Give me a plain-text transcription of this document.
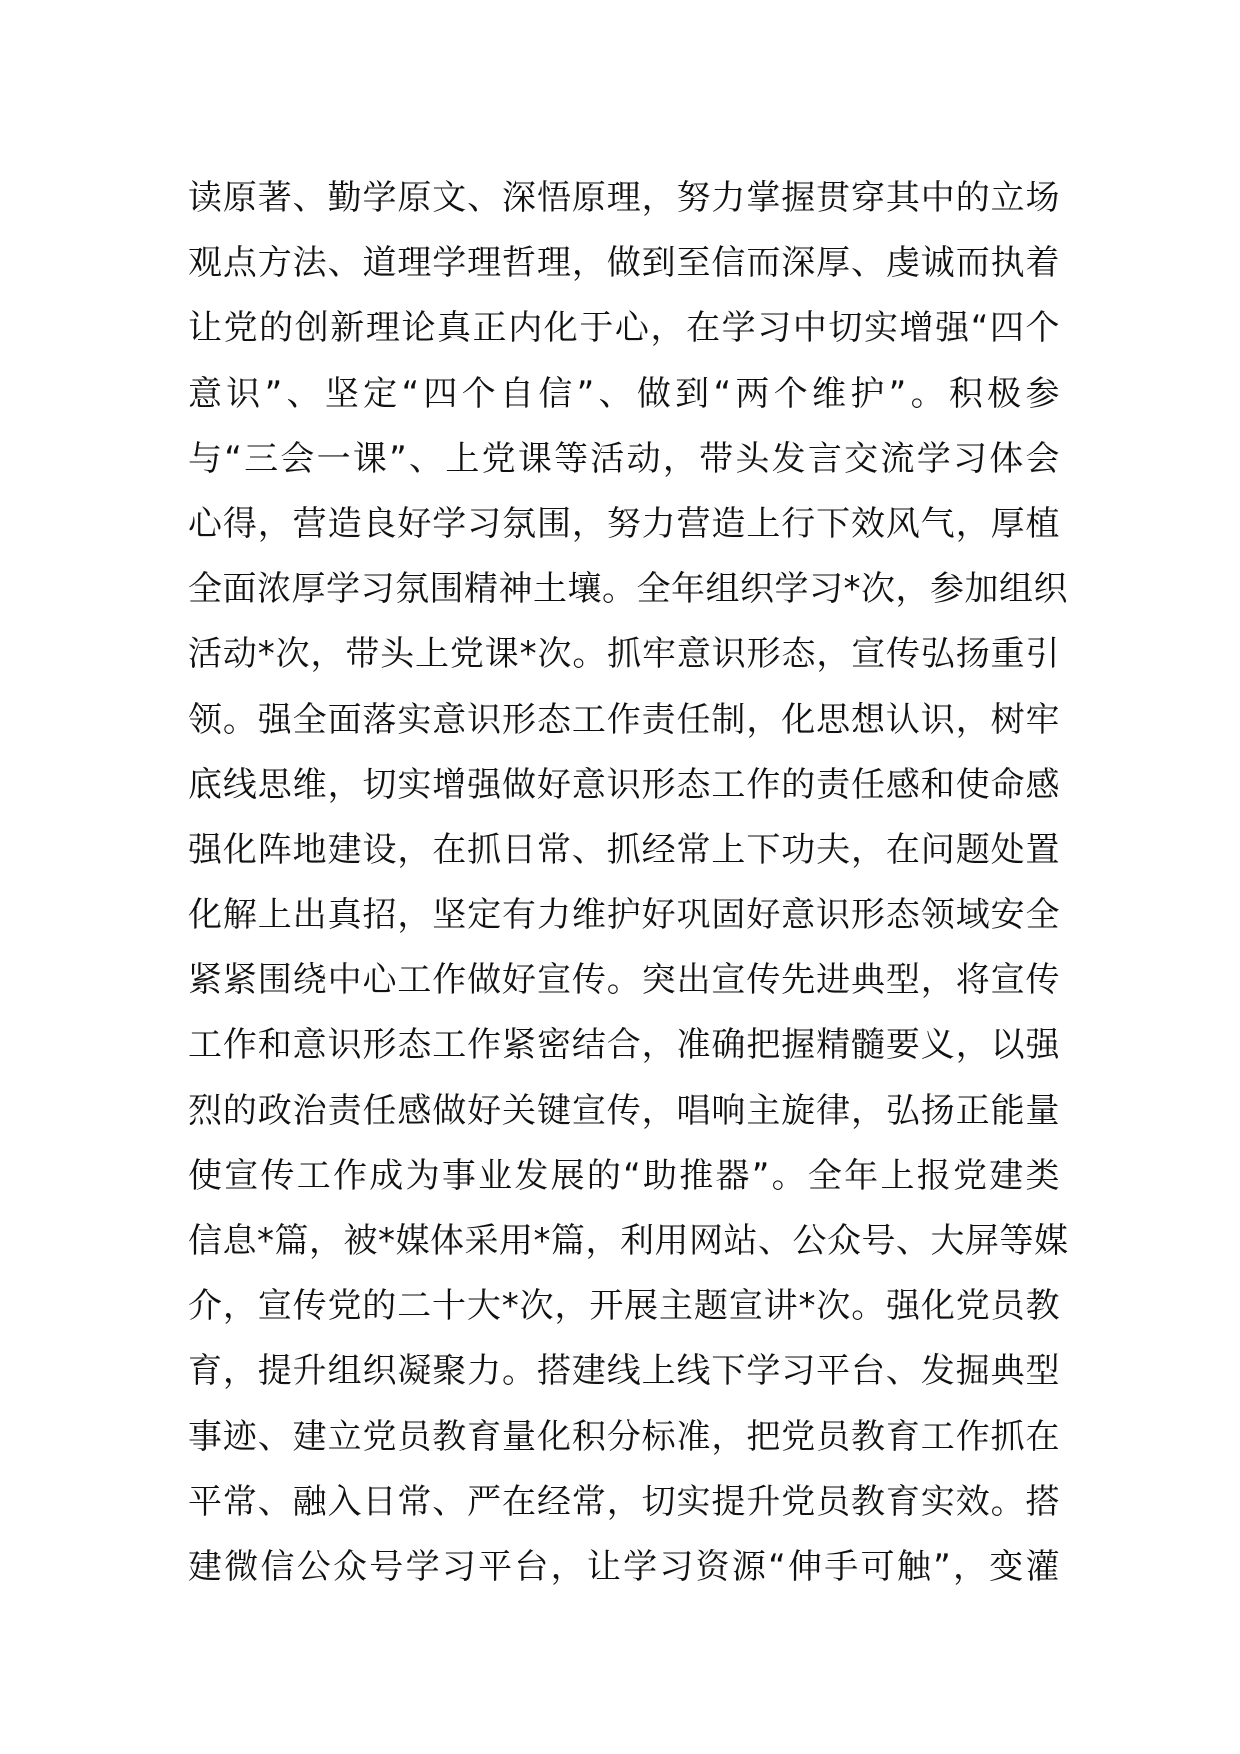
读原著、勤学原文、深悟原理，努力掌握贯穿其中的立场
观点方法、道理学理哲理，做到至信而深厚、虔诚而执着
让党的创新理论真正内化于心，在学习中切实增强“四个
意识”、坚定“四个自信”、做到“两个维护”。积极参
与“三会一课”、上党课等活动，带头发言交流学习体会
心得，营造良好学习氛围，努力营造上行下效风气，厚植
全面浓厚学习氛围精神土壤。全年组织学习*次，参加组织
活动*次，带头上党课*次。抓牢意识形态，宣传弘扬重引
领。强全面落实意识形态工作责任制，化思想认识，树牢
底线思维，切实增强做好意识形态工作的责任感和使命感
强化阵地建设，在抓日常、抓经常上下功夫，在问题处置
化解上出真招，坚定有力维护好巩固好意识形态领域安全
紧紧围绕中心工作做好宣传。突出宣传先进典型，将宣传
工作和意识形态工作紧密结合，准确把握精髓要义，以强
烈的政治责任感做好关键宣传，唱响主旋律，弘扬正能量
使宣传工作成为事业发展的“助推器”。全年上报党建类
信息*篇，被*媒体采用*篇，利用网站、公众号、大屏等媒
介，宣传党的二十大*次，开展主题宣讲*次。强化党员教
育，提升组织凝聚力。搭建线上线下学习平台、发掘典型
事迹、建立党员教育量化积分标准，把党员教育工作抓在
平常、融入日常、严在经常，切实提升党员教育实效。搭
建微信公众号学习平台，让学习资源“伸手可触”，变灌
